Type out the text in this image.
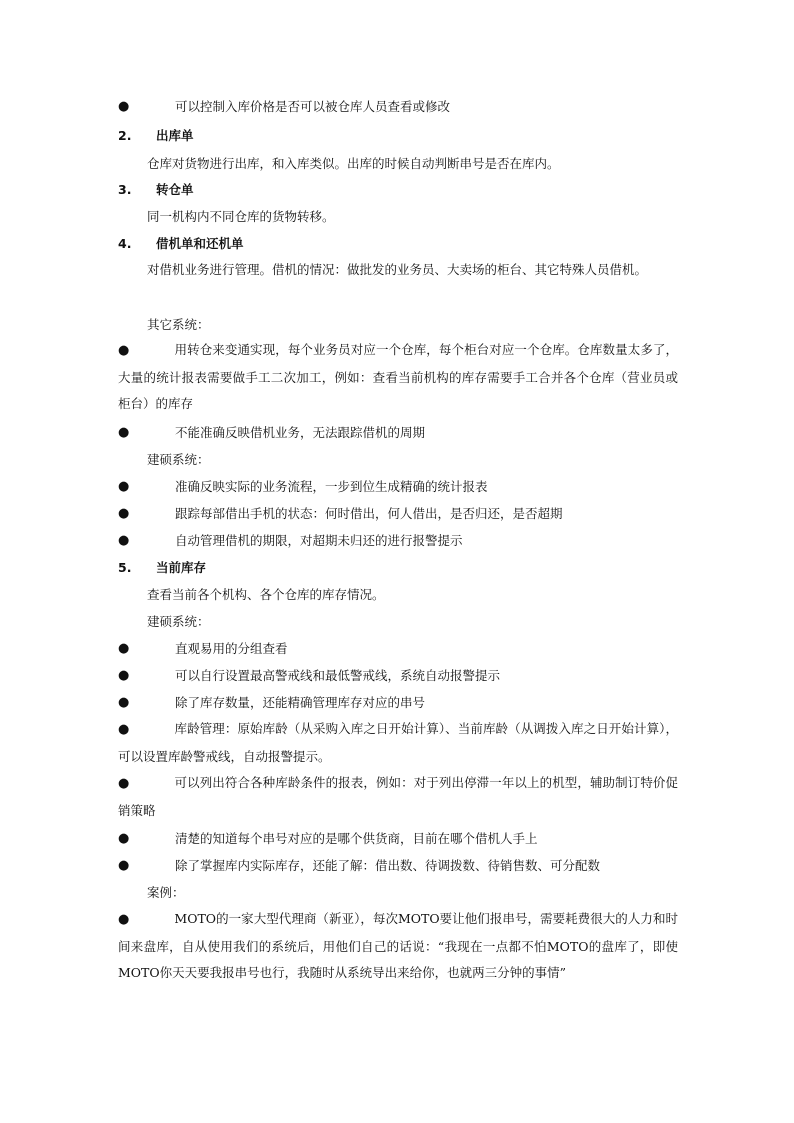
●	可以控制入库价格是否可以被仓库人员查看或修改
2. 出库单
仓库对货物进行出库，和入库类似。出库的时候自动判断串号是否在库内。
3. 转仓单
同一机构内不同仓库的货物转移。
4. 借机单和还机单
对借机业务进行管理。借机的情况：做批发的业务员、大卖场的柜台、其它特殊人员借机。
其它系统：
●	用转仓来变通实现，每个业务员对应一个仓库，每个柜台对应一个仓库。仓库数量太多了，大量的统计报表需要做手工二次加工，例如：查看当前机构的库存需要手工合并各个仓库（营业员或柜台）的库存
●	不能准确反映借机业务，无法跟踪借机的周期
建硕系统：
●	准确反映实际的业务流程，一步到位生成精确的统计报表
●	跟踪每部借出手机的状态：何时借出，何人借出，是否归还，是否超期
●	自动管理借机的期限，对超期未归还的进行报警提示
5. 当前库存
查看当前各个机构、各个仓库的库存情况。
建硕系统：
●	直观易用的分组查看
●	可以自行设置最高警戒线和最低警戒线，系统自动报警提示
●	除了库存数量，还能精确管理库存对应的串号
●	库龄管理：原始库龄（从采购入库之日开始计算）、当前库龄（从调拨入库之日开始计算），可以设置库龄警戒线，自动报警提示。
●	可以列出符合各种库龄条件的报表，例如：对于列出停滞一年以上的机型，辅助制订特价促销策略
●	清楚的知道每个串号对应的是哪个供货商，目前在哪个借机人手上
●	除了掌握库内实际库存，还能了解：借出数、待调拨数、待销售数、可分配数
案例：
●	MOTO的一家大型代理商（新亚），每次MOTO要让他们报串号，需要耗费很大的人力和时间来盘库，自从使用我们的系统后，用他们自己的话说：“我现在一点都不怕MOTO的盘库了，即使MOTO你天天要我报串号也行，我随时从系统导出来给你，也就两三分钟的事情”
